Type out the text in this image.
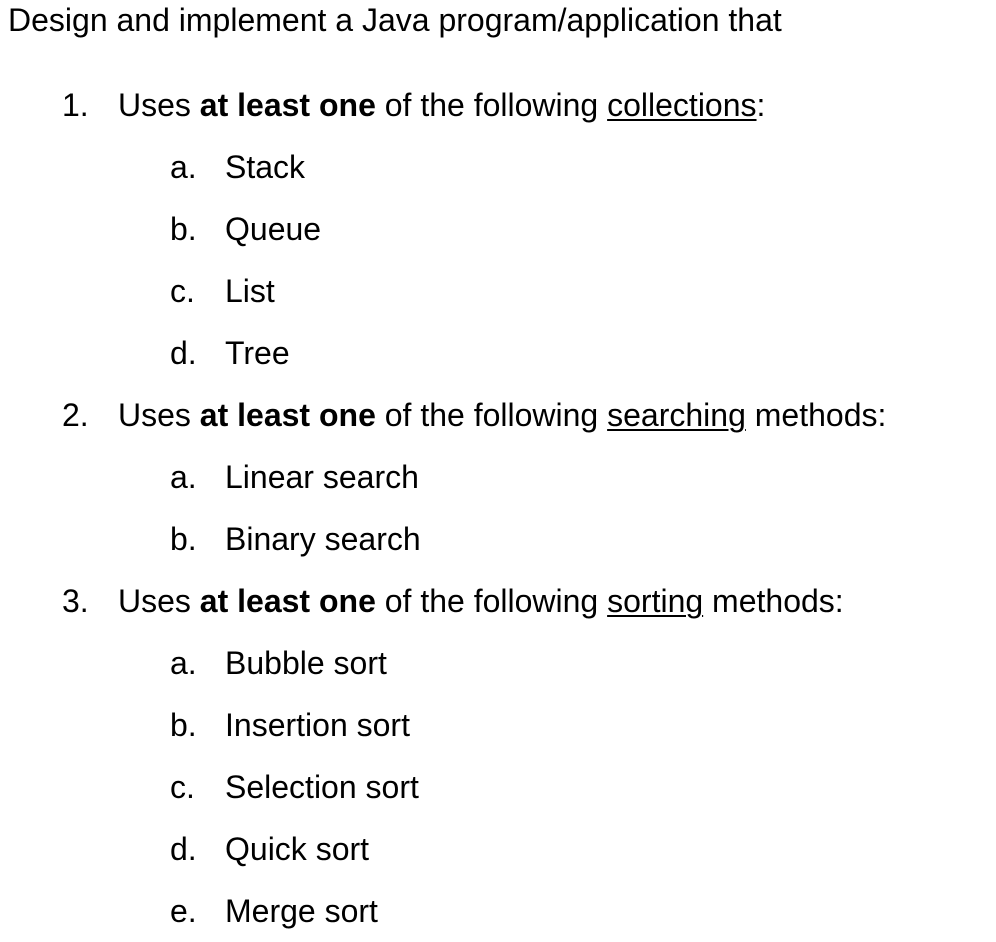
Design and implement a Java program/application that
1. Uses at least one of the following collections:
a. Stack
b. Queue
c. List
d. Tree
2. Uses at least one of the following searching methods:
a. Linear search
b. Binary search
3. Uses at least one of the following sorting methods:
a. Bubble sort
b. Insertion sort
c. Selection sort
d. Quick sort
e. Merge sort
